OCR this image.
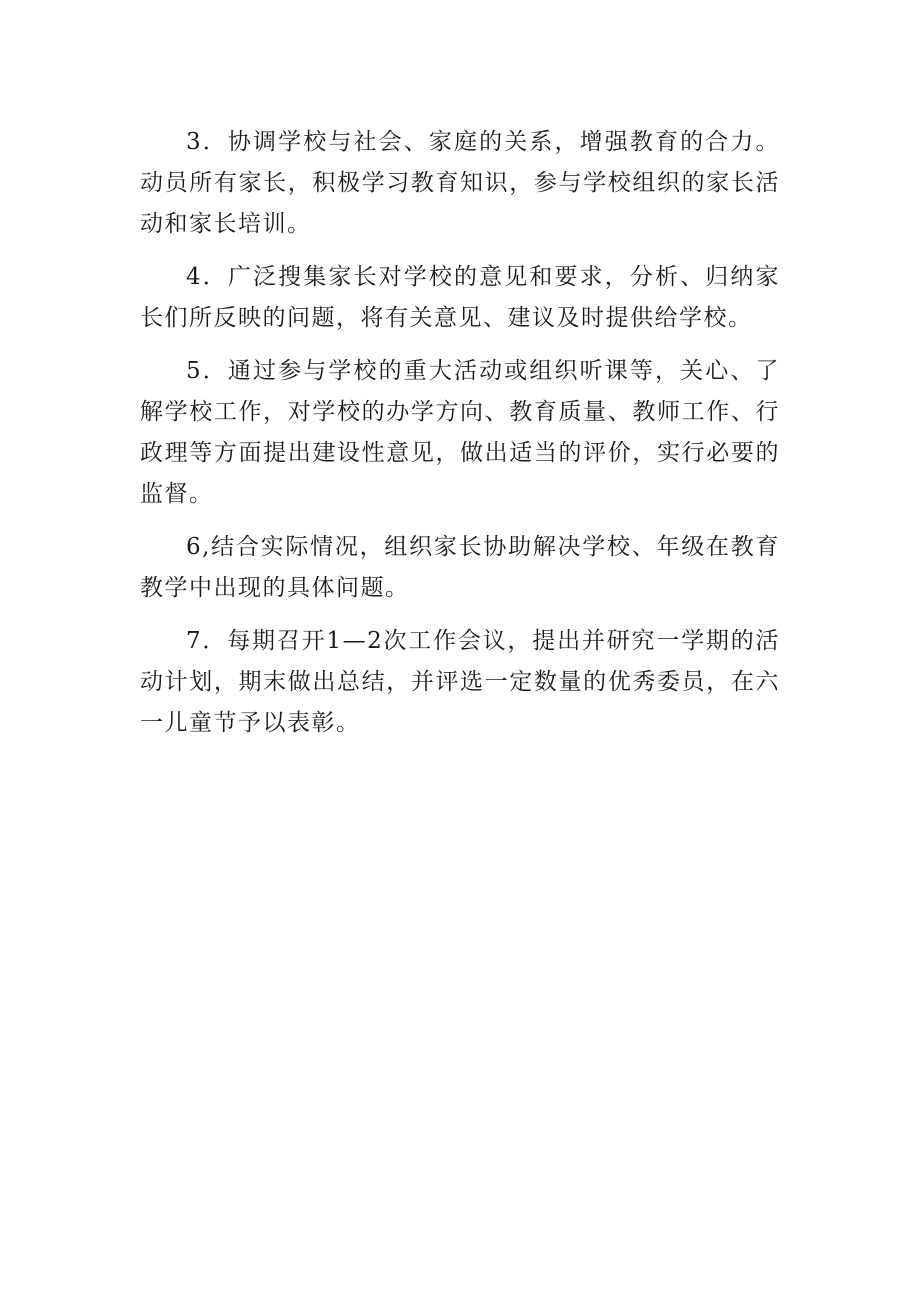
3．协调学校与社会、家庭的关系，增强教育的合力。动员所有家长，积极学习教育知识，参与学校组织的家长活动和家长培训。

4．广泛搜集家长对学校的意见和要求，分析、归纳家长们所反映的问题，将有关意见、建议及时提供给学校。

5．通过参与学校的重大活动或组织听课等，关心、了解学校工作，对学校的办学方向、教育质量、教师工作、行政理等方面提出建设性意见，做出适当的评价，实行必要的监督。

6,结合实际情况，组织家长协助解决学校、年级在教育教学中出现的具体问题。

7．每期召开1—2次工作会议，提出并研究一学期的活动计划，期末做出总结，并评选一定数量的优秀委员，在六一儿童节予以表彰。
